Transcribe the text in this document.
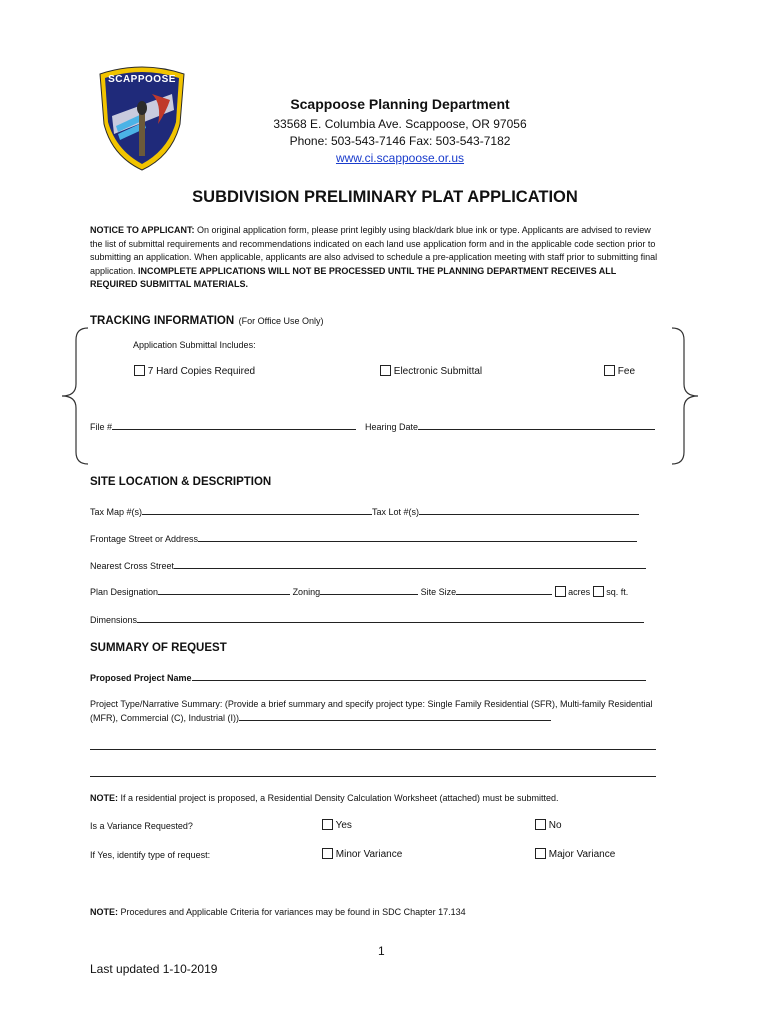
SCAPPOOSE
Scappoose Planning Department
33568 E. Columbia Ave. Scappoose, OR 97056
Phone: 503-543-7146 Fax: 503-543-7182
www.ci.scappoose.or.us
SUBDIVISION PRELIMINARY PLAT APPLICATION
NOTICE TO APPLICANT: On original application form, please print legibly using black/dark blue ink or type. Applicants are advised to review the list of submittal requirements and recommendations indicated on each land use application form and in the applicable code section prior to submitting an application. When applicable, applicants are also advised to schedule a pre-application meeting with staff prior to submitting final application. INCOMPLETE APPLICATIONS WILL NOT BE PROCESSED UNTIL THE PLANNING DEPARTMENT RECEIVES ALL REQUIRED SUBMITTAL MATERIALS.
TRACKING INFORMATION (For Office Use Only)
Application Submittal Includes:
7 Hard Copies Required	Electronic Submittal	Fee
File #	Hearing Date
SITE LOCATION & DESCRIPTION
Tax Map #(s)	Tax Lot #(s)
Frontage Street or Address
Nearest Cross Street
Plan Designation	Zoning	Site Size	acres sq. ft.
Dimensions
SUMMARY OF REQUEST
Proposed Project Name
Project Type/Narrative Summary: (Provide a brief summary and specify project type: Single Family Residential (SFR), Multi-family Residential (MFR), Commercial (C), Industrial (I))
NOTE: If a residential project is proposed, a Residential Density Calculation Worksheet (attached) must be submitted.
Is a Variance Requested?	Yes	No
If Yes, identify type of request:	Minor Variance	Major Variance
NOTE: Procedures and Applicable Criteria for variances may be found in SDC Chapter 17.134
1
Last updated 1-10-2019
